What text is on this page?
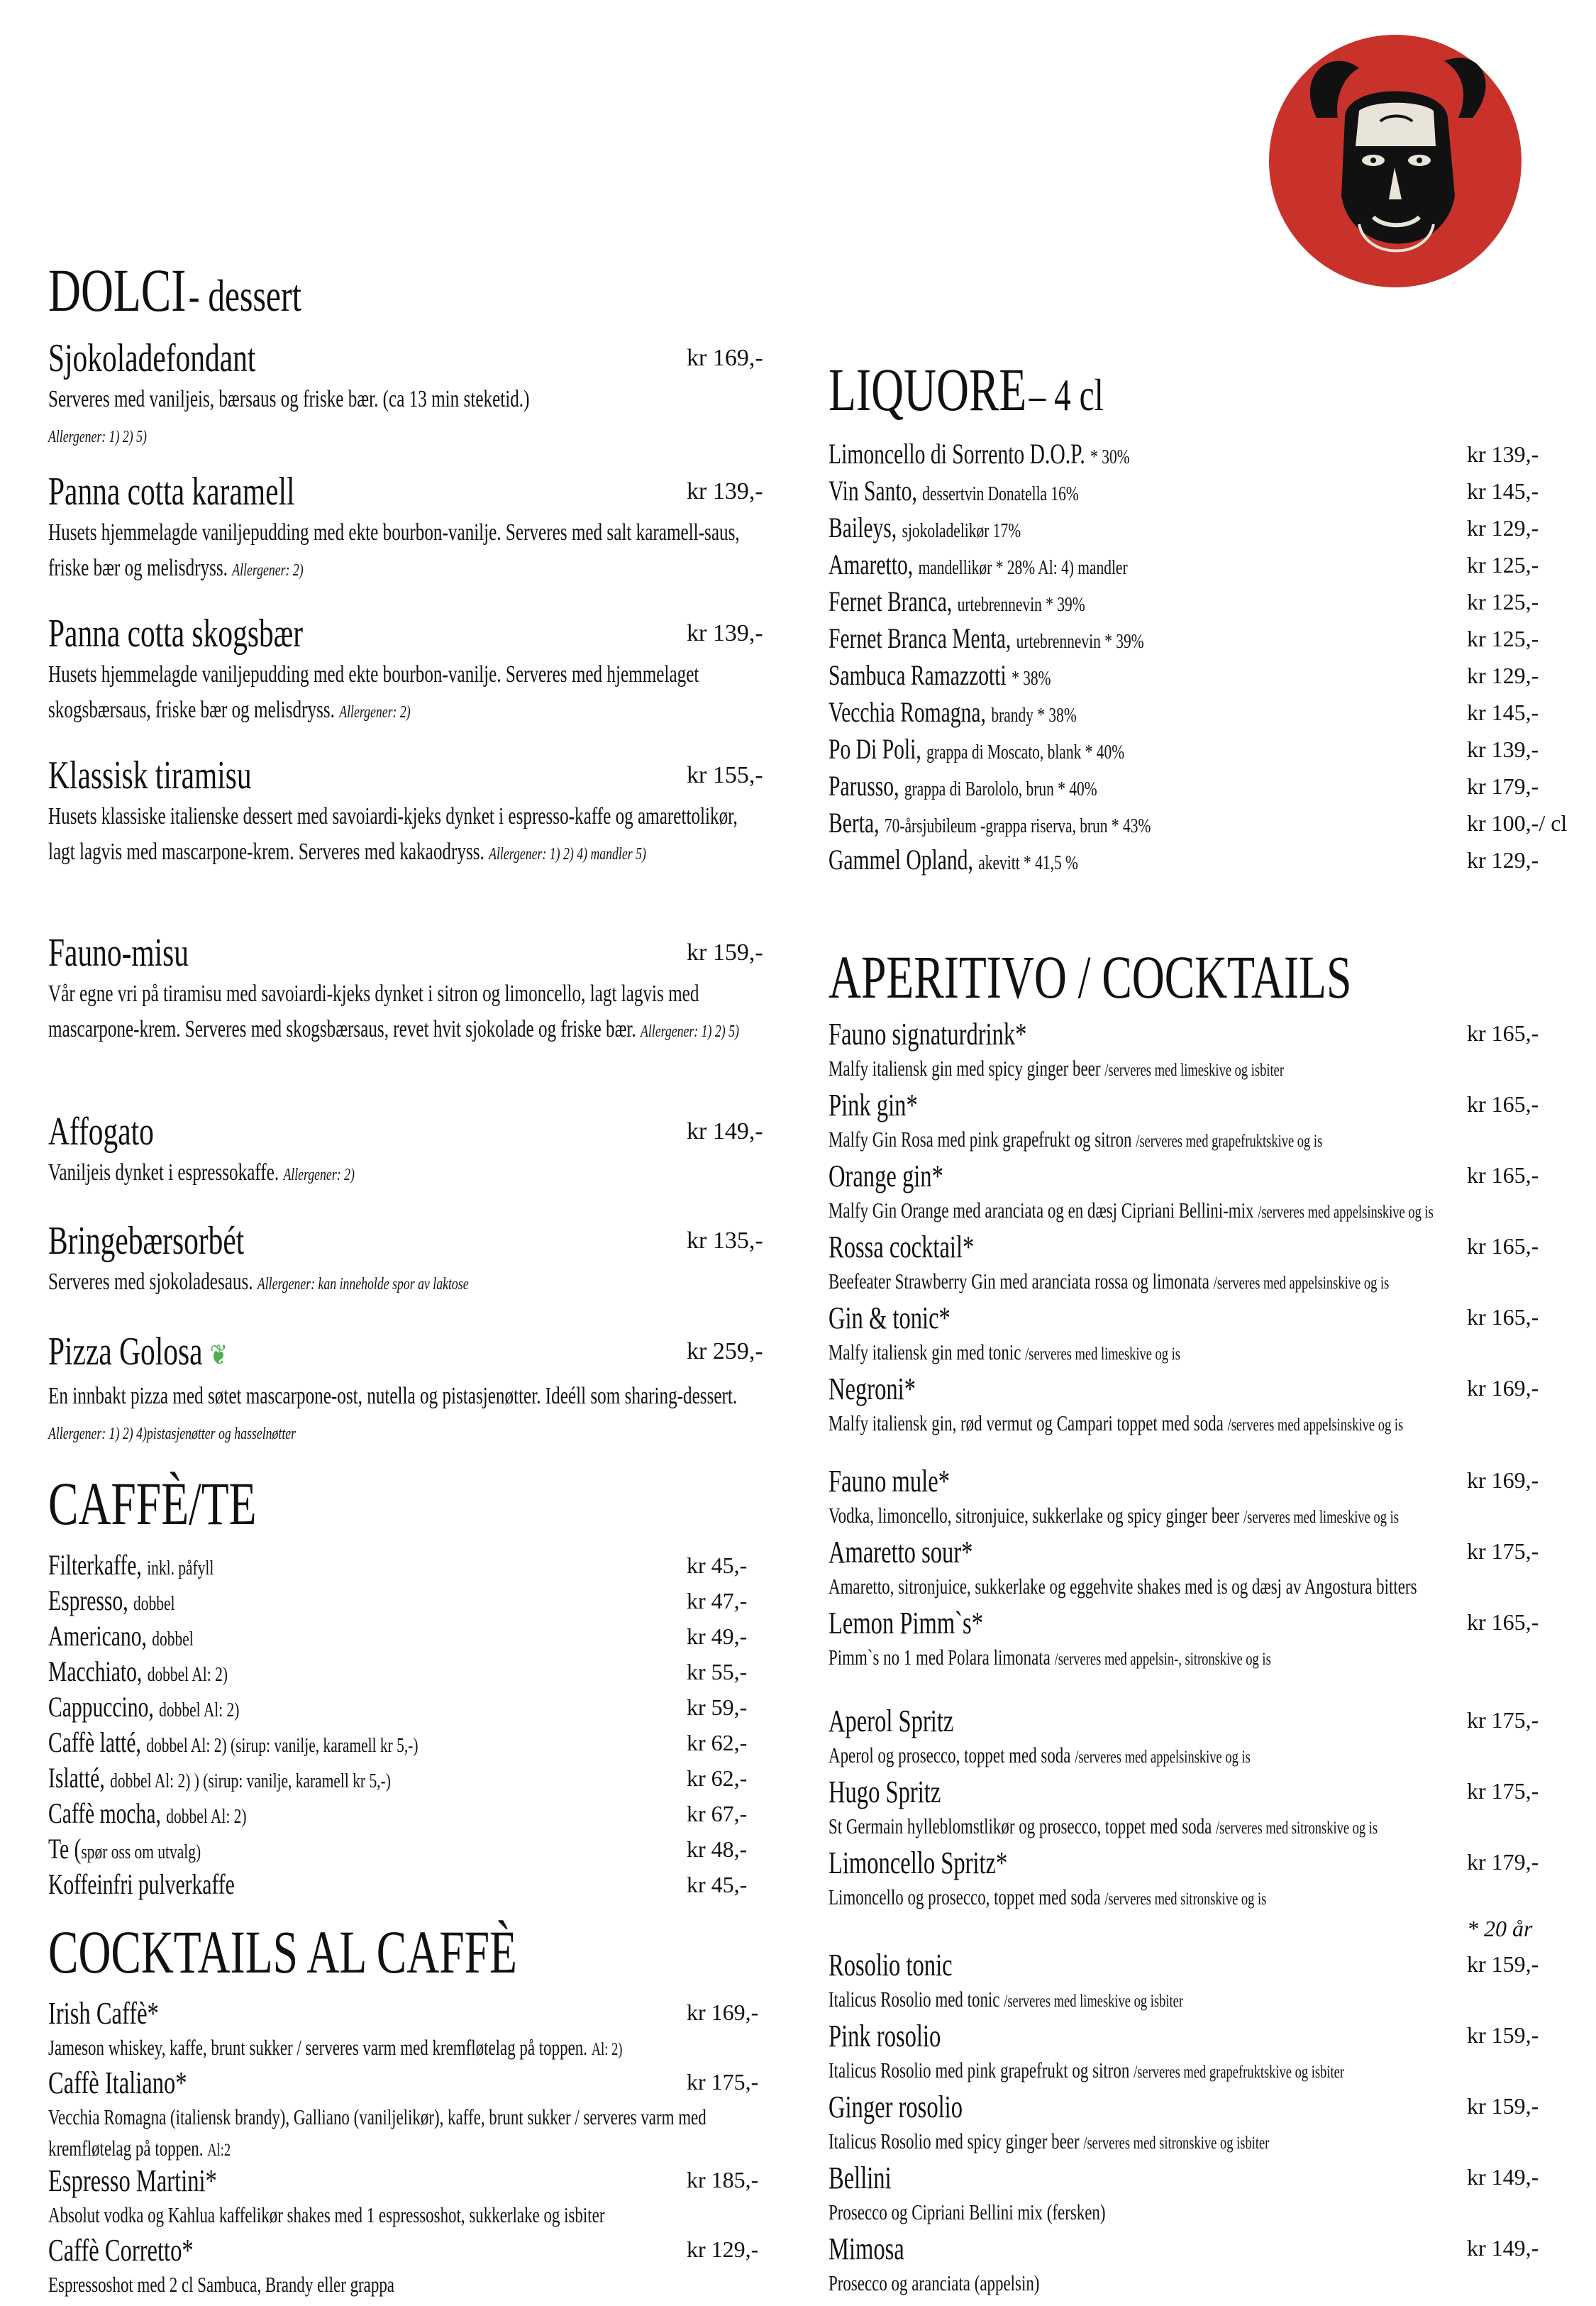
DOLCI - dessert
Sjokoladefondant	kr 169,-
Serveres med vaniljeis, bærsaus og friske bær. (ca 13 min steketid.)
Allergener: 1) 2) 5)
Panna cotta karamell	kr 139,-
Husets hjemmelagde vaniljepudding med ekte bourbon-vanilje. Serveres med salt karamell-saus, friske bær og melisdryss. Allergener: 2)
Panna cotta skogsbær	kr 139,-
Husets hjemmelagde vaniljepudding med ekte bourbon-vanilje. Serveres med hjemmelaget skogsbærsaus, friske bær og melisdryss. Allergener: 2)
Klassisk tiramisu	kr 155,-
Husets klassiske italienske dessert med savoiardi-kjeks dynket i espresso-kaffe og amarettolikør, lagt lagvis med mascarpone-krem. Serveres med kakaodryss. Allergener: 1) 2) 4) mandler 5)
Fauno-misu	kr 159,-
Vår egne vri på tiramisu med savoiardi-kjeks dynket i sitron og limoncello, lagt lagvis med mascarpone-krem. Serveres med skogsbærsaus, revet hvit sjokolade og friske bær. Allergener: 1) 2) 5)
Affogato	kr 149,-
Vaniljeis dynket i espressokaffe. Allergener: 2)
Bringebærsorbét	kr 135,-
Serveres med sjokoladesaus. Allergener: kan inneholde spor av laktose
Pizza Golosa ❦	kr 259,-
En innbakt pizza med søtet mascarpone-ost, nutella og pistasjenøtter. Ideéll som sharing-dessert. Allergener: 1) 2) 4)pistasjenøtter og hasselnøtter
CAFFÈ/TE
Filterkaffe, inkl. påfyll	kr 45,-
Espresso, dobbel	kr 47,-
Americano, dobbel	kr 49,-
Macchiato, dobbel Al: 2)	kr 55,-
Cappuccino, dobbel Al: 2)	kr 59,-
Caffè latté, dobbel Al: 2) (sirup: vanilje, karamell kr 5,-)	kr 62,-
Islatté, dobbel Al: 2) ) (sirup: vanilje, karamell kr 5,-)	kr 62,-
Caffè mocha, dobbel Al: 2)	kr 67,-
Te (spør oss om utvalg)	kr 48,-
Koffeinfri pulverkaffe	kr 45,-
COCKTAILS AL CAFFÈ
Irish Caffè*	kr 169,-
Jameson whiskey, kaffe, brunt sukker / serveres varm med kremfløtelag på toppen. Al: 2)
Caffè Italiano*	kr 175,-
Vecchia Romagna (italiensk brandy), Galliano (vaniljelikør), kaffe, brunt sukker / serveres varm med kremfløtelag på toppen. Al:2
Espresso Martini*	kr 185,-
Absolut vodka og Kahlua kaffelikør shakes med 1 espressoshot, sukkerlake og isbiter
Caffè Corretto*	kr 129,-
Espressoshot med 2 cl Sambuca, Brandy eller grappa
LIQUORE – 4 cl
Limoncello di Sorrento D.O.P. * 30%	kr 139,-
Vin Santo, dessertvin Donatella 16%	kr 145,-
Baileys, sjokoladelikør 17%	kr 129,-
Amaretto, mandellikør * 28% Al: 4) mandler	kr 125,-
Fernet Branca, urtebrennevin * 39%	kr 125,-
Fernet Branca Menta, urtebrennevin * 39%	kr 125,-
Sambuca Ramazzotti * 38%	kr 129,-
Vecchia Romagna, brandy * 38%	kr 145,-
Po Di Poli, grappa di Moscato, blank * 40%	kr 139,-
Parusso, grappa di Barololo, brun * 40%	kr 179,-
Berta, 70-årsjubileum -grappa riserva, brun * 43%	kr 100,-/ cl
Gammel Opland, akevitt * 41,5 %	kr 129,-
APERITIVO / COCKTAILS
Fauno signaturdrink*	kr 165,-
Malfy italiensk gin med spicy ginger beer /serveres med limeskive og isbiter
Pink gin*	kr 165,-
Malfy Gin Rosa med pink grapefrukt og sitron /serveres med grapefruktskive og is
Orange gin*	kr 165,-
Malfy Gin Orange med aranciata og en dæsj Cipriani Bellini-mix /serveres med appelsinskive og is
Rossa cocktail*	kr 165,-
Beefeater Strawberry Gin med aranciata rossa og limonata /serveres med appelsinskive og is
Gin & tonic*	kr 165,-
Malfy italiensk gin med tonic /serveres med limeskive og is
Negroni*	kr 169,-
Malfy italiensk gin, rød vermut og Campari toppet med soda /serveres med appelsinskive og is
Fauno mule*	kr 169,-
Vodka, limoncello, sitronjuice, sukkerlake og spicy ginger beer /serveres med limeskive og is
Amaretto sour*	kr 175,-
Amaretto, sitronjuice, sukkerlake og eggehvite shakes med is og dæsj av Angostura bitters
Lemon Pimm`s*	kr 165,-
Pimm`s no 1 med Polara limonata /serveres med appelsin-, sitronskive og is
Aperol Spritz	kr 175,-
Aperol og prosecco, toppet med soda /serveres med appelsinskive og is
Hugo Spritz	kr 175,-
St Germain hylleblomstlikør og prosecco, toppet med soda /serveres med sitronskive og is
Limoncello Spritz*	kr 179,-
Limoncello og prosecco, toppet med soda /serveres med sitronskive og is
* 20 år
Rosolio tonic	kr 159,-
Italicus Rosolio med tonic /serveres med limeskive og isbiter
Pink rosolio	kr 159,-
Italicus Rosolio med pink grapefrukt og sitron /serveres med grapefruktskive og isbiter
Ginger rosolio	kr 159,-
Italicus Rosolio med spicy ginger beer /serveres med sitronskive og isbiter
Bellini	kr 149,-
Prosecco og Cipriani Bellini mix (fersken)
Mimosa	kr 149,-
Prosecco og aranciata (appelsin)
